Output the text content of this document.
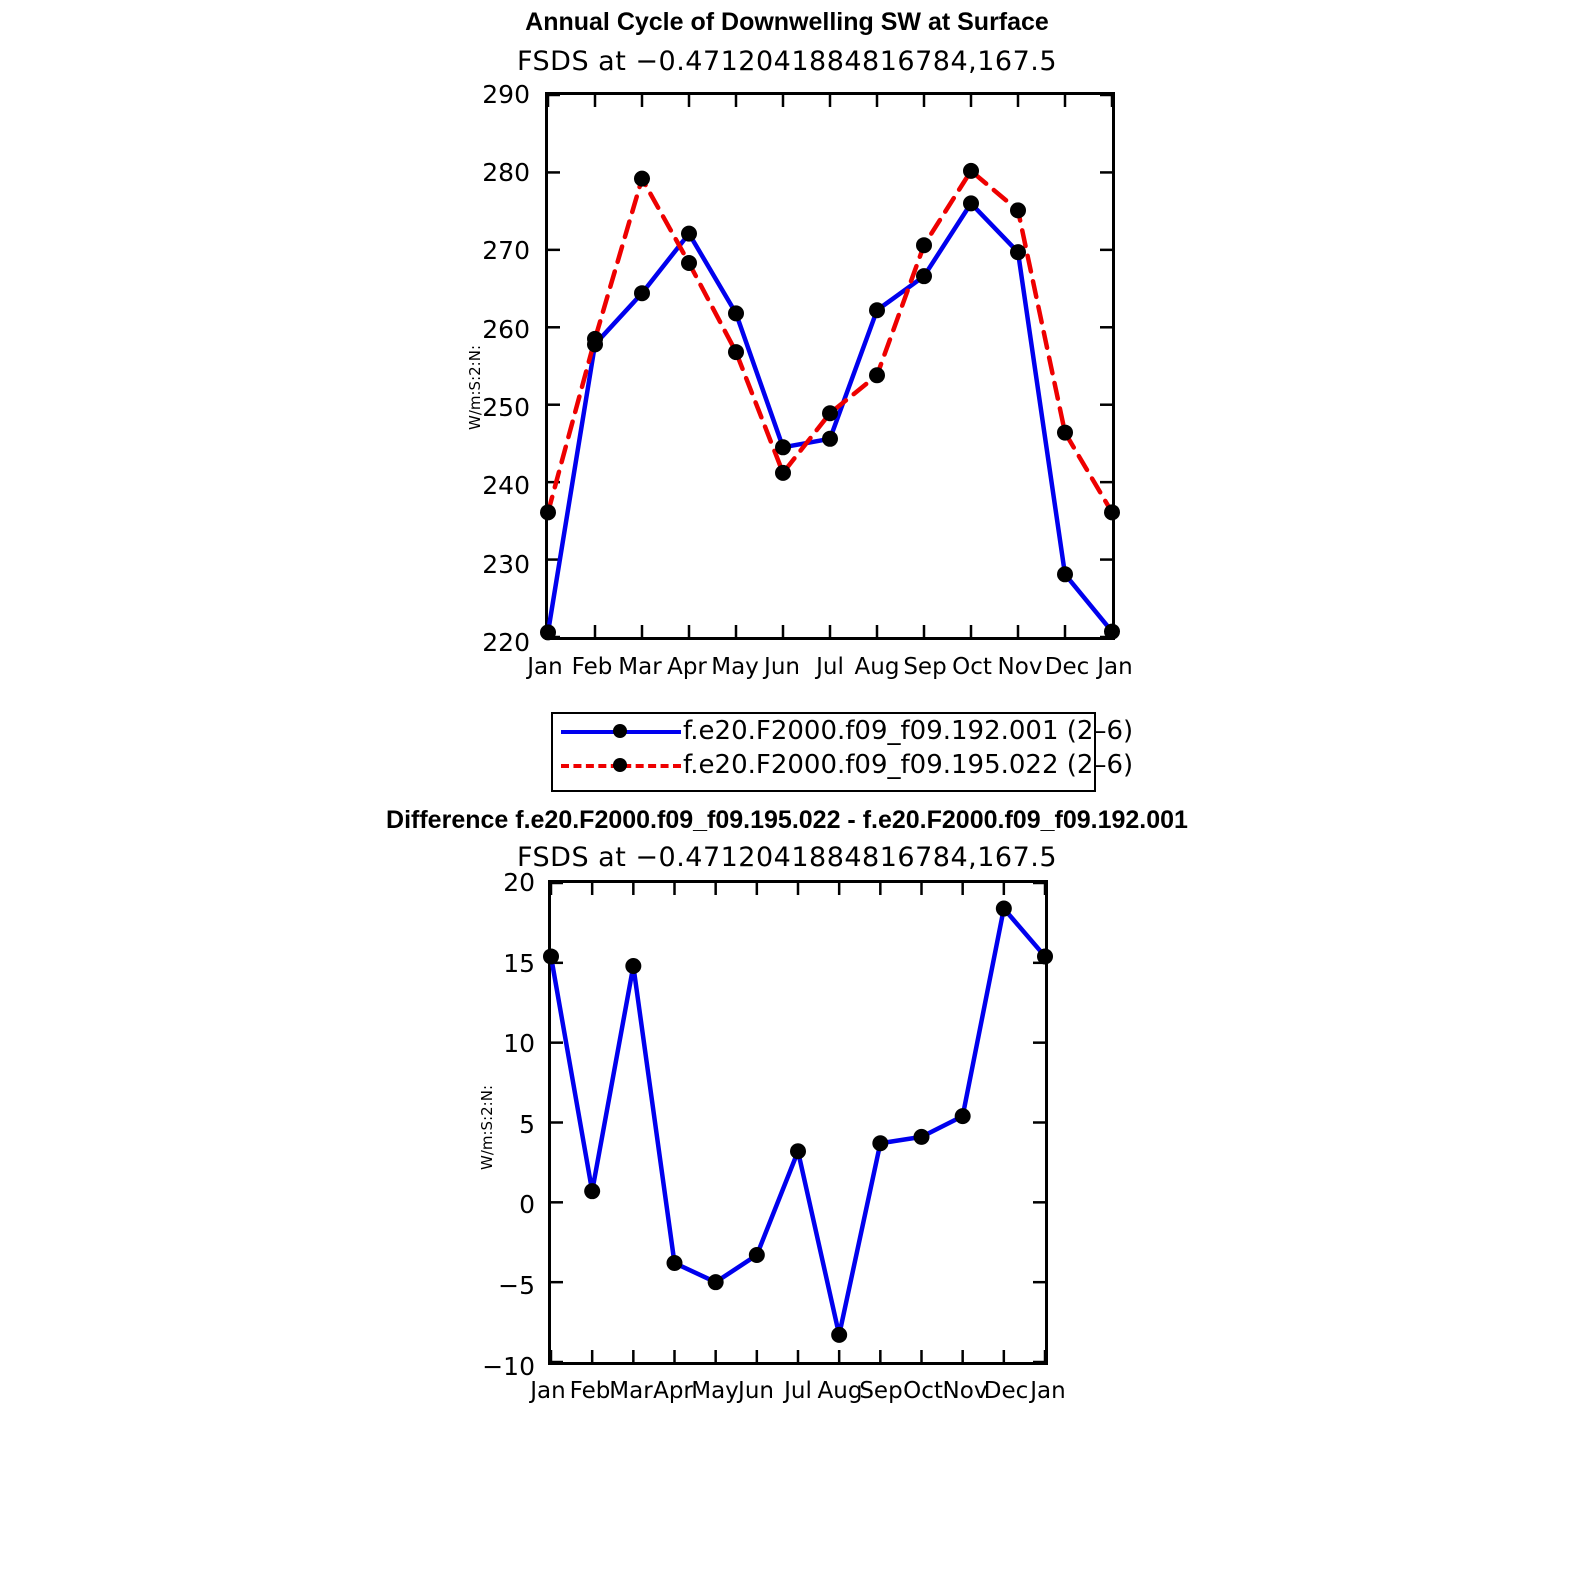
Annual Cycle of Downwelling SW at Surface
FSDS at −0.4712041884816784,167.5
W/m:S:2:N:
290
280
270
260
250
240
230
220
Jan Feb Mar Apr May Jun Jul Aug Sep Oct Nov Dec Jan
f.e20.F2000.f09_f09.192.001 (2–6)
f.e20.F2000.f09_f09.195.022 (2–6)
Difference f.e20.F2000.f09_f09.195.022 - f.e20.F2000.f09_f09.192.001
FSDS at −0.4712041884816784,167.5
W/m:S:2:N:
20
15
10
5
0
−5
−10
Jan Feb
Mar Apr
May Jun Jul Aug
Sep Oct Nov
Dec Jan
